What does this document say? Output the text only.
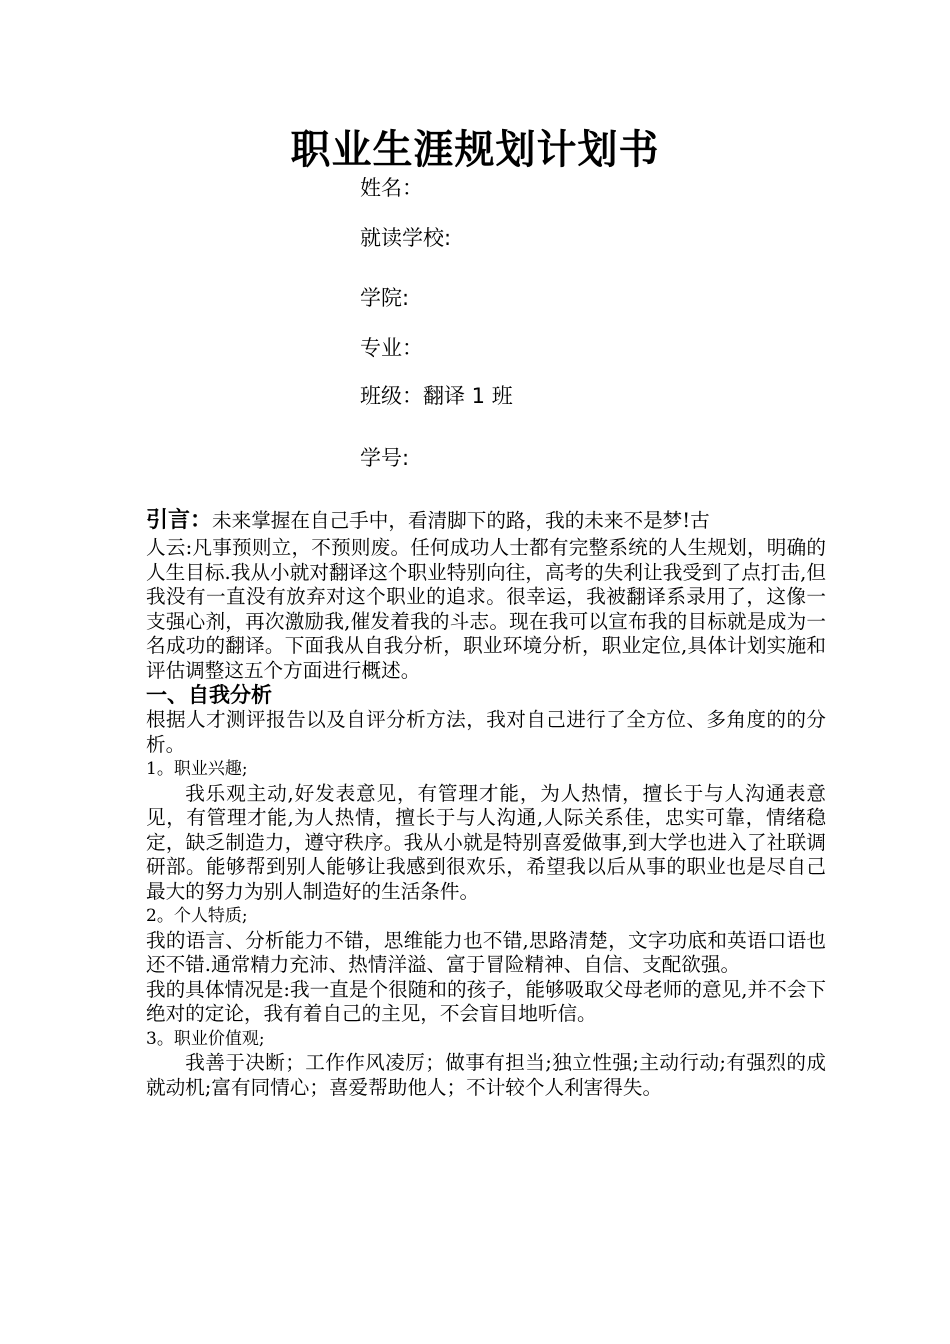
职业生涯规划计划书
姓名：
就读学校:
学院:
专业：
班级：翻译 1 班
学号:

引言：未来掌握在自己手中，看清脚下的路，我的未来不是梦!古

人云:凡事预则立，不预则废。任何成功人士都有完整系统的人生规划，明确的人生目标.我从小就对翻译这个职业特别向往，高考的失利让我受到了点打击,但我没有一直没有放弃对这个职业的追求。很幸运，我被翻译系录用了，这像一支强心剂，再次激励我,催发着我的斗志。现在我可以宣布我的目标就是成为一名成功的翻译。下面我从自我分析，职业环境分析，职业定位,具体计划实施和评估调整这五个方面进行概述。

一、自我分析

根据人才测评报告以及自评分析方法，我对自己进行了全方位、多角度的的分析。

1。职业兴趣;

我乐观主动,好发表意见，有管理才能，为人热情，擅长于与人沟通表意见，有管理才能,为人热情，擅长于与人沟通,人际关系佳，忠实可靠，情绪稳定，缺乏制造力，遵守秩序。我从小就是特别喜爱做事,到大学也进入了社联调研部。能够帮到别人能够让我感到很欢乐，希望我以后从事的职业也是尽自己最大的努力为别人制造好的生活条件。

2。个人特质;

我的语言、分析能力不错，思维能力也不错,思路清楚，文字功底和英语口语也还不错.通常精力充沛、热情洋溢、富于冒险精神、自信、支配欲强。

我的具体情况是:我一直是个很随和的孩子，能够吸取父母老师的意见,并不会下绝对的定论，我有着自己的主见，不会盲目地听信。

3。职业价值观;

我善于决断；工作作风凌厉；做事有担当;独立性强;主动行动;有强烈的成就动机;富有同情心；喜爱帮助他人；不计较个人利害得失。
